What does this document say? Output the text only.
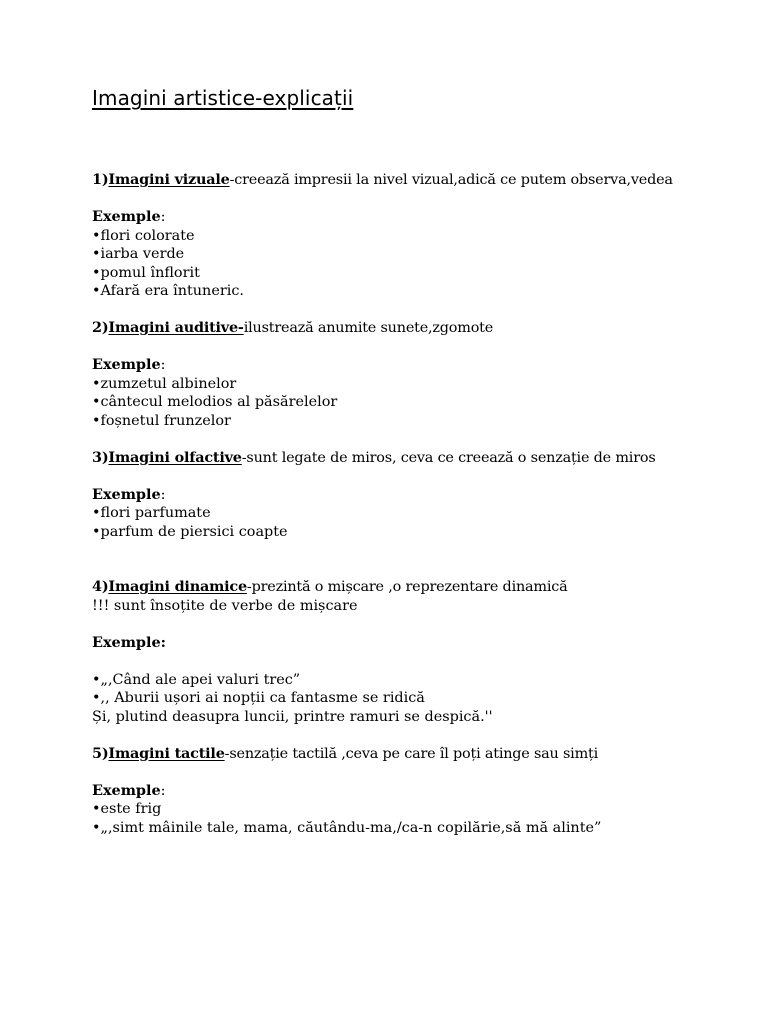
Imagini artistice-explicații
1)Imagini vizuale-creează impresii la nivel vizual,adică ce putem observa,vedea
Exemple:
•flori colorate
•iarba verde
•pomul înflorit
•Afară era întuneric.
2)Imagini auditive-ilustrează anumite sunete,zgomote
Exemple:
•zumzetul albinelor
•cântecul melodios al păsărelelor
•foșnetul frunzelor
3)Imagini olfactive-sunt legate de miros, ceva ce creează o senzație de miros
Exemple:
•flori parfumate
•parfum de piersici coapte
4)Imagini dinamice-prezintă o mișcare ,o reprezentare dinamică
!!! sunt însoțite de verbe de mișcare
Exemple:
•„,Când ale apei valuri trec”
•,, Aburii ușori ai nopții ca fantasme se ridică
Și, plutind deasupra luncii, printre ramuri se despică.''
5)Imagini tactile-senzație tactilă ,ceva pe care îl poți atinge sau simți
Exemple:
•este frig
•„,simt mâinile tale, mama, căutându-ma,/ca-n copilărie,să mă alinte”
